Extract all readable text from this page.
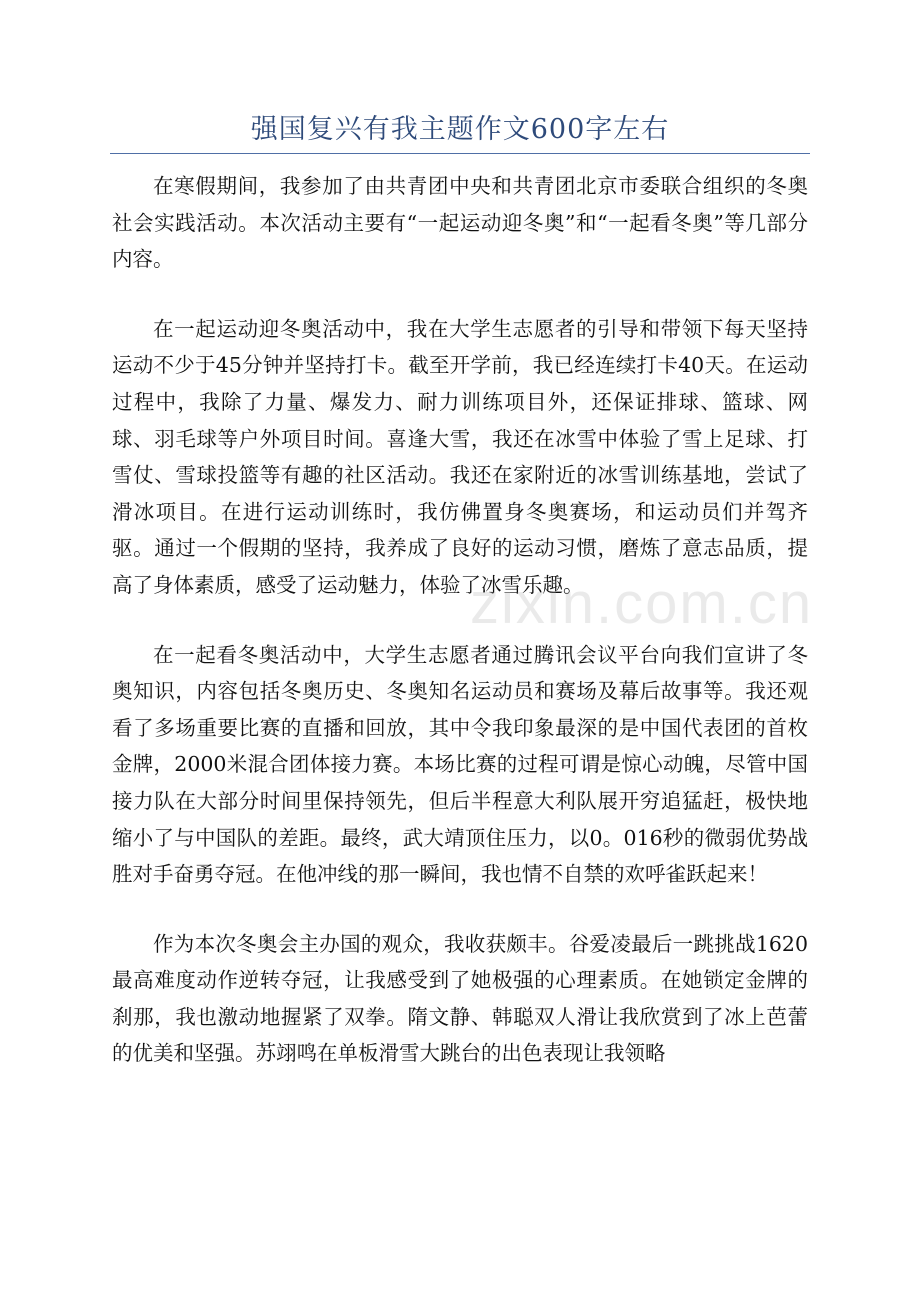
强国复兴有我主题作文600字左右

在寒假期间，我参加了由共青团中央和共青团北京市委联合组织的冬奥社会实践活动。本次活动主要有“一起运动迎冬奥”和“一起看冬奥”等几部分内容。

在一起运动迎冬奥活动中，我在大学生志愿者的引导和带领下每天坚持运动不少于45分钟并坚持打卡。截至开学前，我已经连续打卡40天。在运动过程中，我除了力量、爆发力、耐力训练项目外，还保证排球、篮球、网球、羽毛球等户外项目时间。喜逢大雪，我还在冰雪中体验了雪上足球、打雪仗、雪球投篮等有趣的社区活动。我还在家附近的冰雪训练基地，尝试了滑冰项目。在进行运动训练时，我仿佛置身冬奥赛场，和运动员们并驾齐驱。通过一个假期的坚持，我养成了良好的运动习惯，磨炼了意志品质，提高了身体素质，感受了运动魅力，体验了冰雪乐趣。

在一起看冬奥活动中，大学生志愿者通过腾讯会议平台向我们宣讲了冬奥知识，内容包括冬奥历史、冬奥知名运动员和赛场及幕后故事等。我还观看了多场重要比赛的直播和回放，其中令我印象最深的是中国代表团的首枚金牌，2000米混合团体接力赛。本场比赛的过程可谓是惊心动魄，尽管中国接力队在大部分时间里保持领先，但后半程意大利队展开穷追猛赶，极快地缩小了与中国队的差距。最终，武大靖顶住压力，以0。016秒的微弱优势战胜对手奋勇夺冠。在他冲线的那一瞬间，我也情不自禁的欢呼雀跃起来！

作为本次冬奥会主办国的观众，我收获颇丰。谷爱凌最后一跳挑战1620最高难度动作逆转夺冠，让我感受到了她极强的心理素质。在她锁定金牌的刹那，我也激动地握紧了双拳。隋文静、韩聪双人滑让我欣赏到了冰上芭蕾的优美和坚强。苏翊鸣在单板滑雪大跳台的出色表现让我领略

zixin.com.cn
